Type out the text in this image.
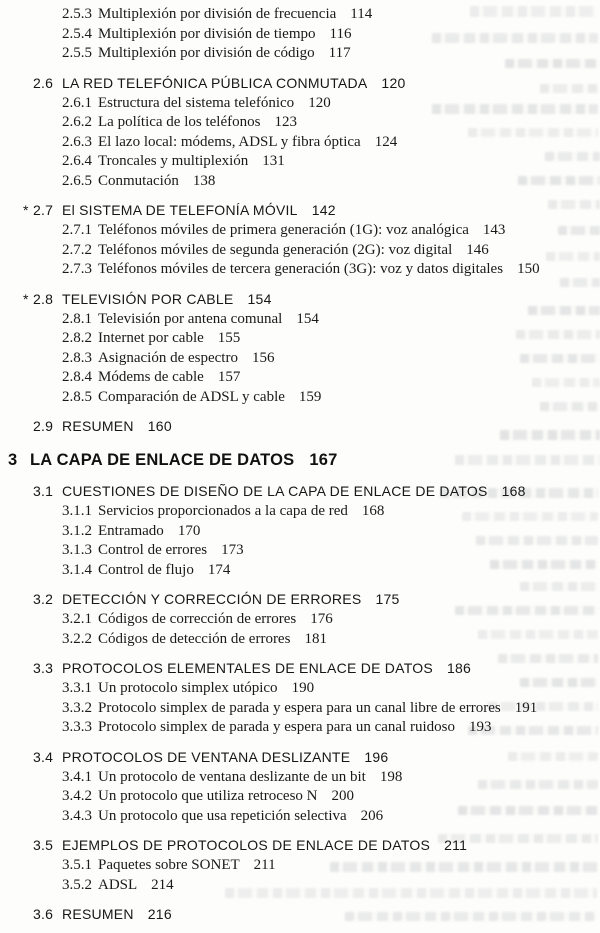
2.5.3 Multiplexión por división de frecuencia 114
2.5.4 Multiplexión por división de tiempo 116
2.5.5 Multiplexión por división de código 117
2.6 LA RED TELEFÓNICA PÚBLICA CONMUTADA 120
2.6.1 Estructura del sistema telefónico 120
2.6.2 La política de los teléfonos 123
2.6.3 El lazo local: módems, ADSL y fibra óptica 124
2.6.4 Troncales y multiplexión 131
2.6.5 Conmutación 138
* 2.7 El SISTEMA DE TELEFONÍA MÓVIL 142
2.7.1 Teléfonos móviles de primera generación (1G): voz analógica 143
2.7.2 Teléfonos móviles de segunda generación (2G): voz digital 146
2.7.3 Teléfonos móviles de tercera generación (3G): voz y datos digitales 150
* 2.8 TELEVISIÓN POR CABLE 154
2.8.1 Televisión por antena comunal 154
2.8.2 Internet por cable 155
2.8.3 Asignación de espectro 156
2.8.4 Módems de cable 157
2.8.5 Comparación de ADSL y cable 159
2.9 RESUMEN 160
3 LA CAPA DE ENLACE DE DATOS 167
3.1 CUESTIONES DE DISEÑO DE LA CAPA DE ENLACE DE DATOS 168
3.1.1 Servicios proporcionados a la capa de red 168
3.1.2 Entramado 170
3.1.3 Control de errores 173
3.1.4 Control de flujo 174
3.2 DETECCIÓN Y CORRECCIÓN DE ERRORES 175
3.2.1 Códigos de corrección de errores 176
3.2.2 Códigos de detección de errores 181
3.3 PROTOCOLOS ELEMENTALES DE ENLACE DE DATOS 186
3.3.1 Un protocolo simplex utópico 190
3.3.2 Protocolo simplex de parada y espera para un canal libre de errores 191
3.3.3 Protocolo simplex de parada y espera para un canal ruidoso 193
3.4 PROTOCOLOS DE VENTANA DESLIZANTE 196
3.4.1 Un protocolo de ventana deslizante de un bit 198
3.4.2 Un protocolo que utiliza retroceso N 200
3.4.3 Un protocolo que usa repetición selectiva 206
3.5 EJEMPLOS DE PROTOCOLOS DE ENLACE DE DATOS 211
3.5.1 Paquetes sobre SONET 211
3.5.2 ADSL 214
3.6 RESUMEN 216
